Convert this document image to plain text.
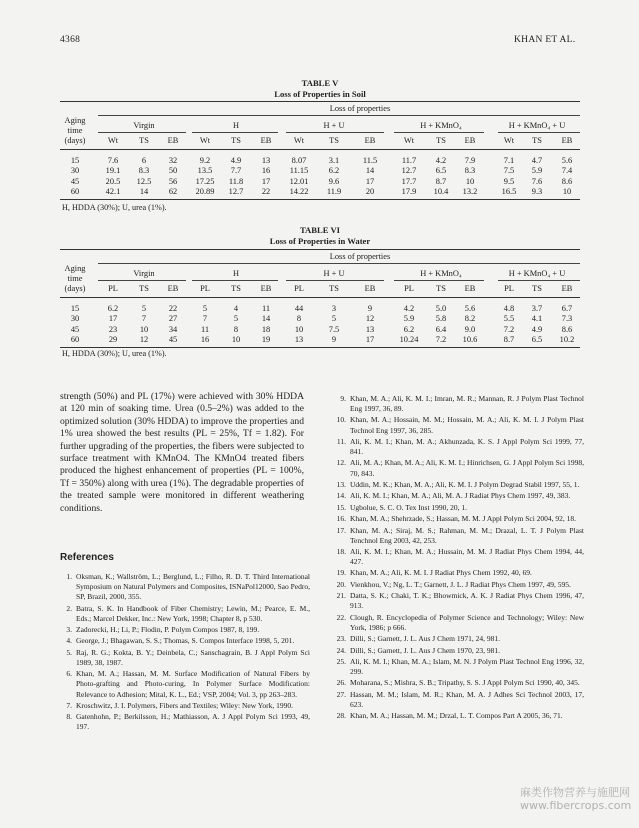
4368	KHAN ET AL.
TABLE V
Loss of Properties in Soil
Loss of properties
Aging
time
(days)
Virgin	H	H + U	H + KMnO₄	H + KMnO₄ + U
Wt TS EB	Wt TS EB	Wt	TS	EB	Wt	TS EB	Wt TS EB
15	7.6	6	32	9.2 4.9 13	8.07	3.1	11.5	11.7 4.2 7.9	7.1 4.7 5.6
30	19.1 8.3 50 13.5 7.7 16 11.15 6.2	14	12.7 6.5 8.3	7.5 5.9 7.4
45	20.5 12.5 56 17.25 11.8 17 12.01 9.6	17	17.7 8.7 10	9.5 7.6 8.6
60	42.1 14 62 20.89 12.7 22 14.22 11.9	20	17.9 10.4 13.2	16.5 9.3 10
H, HDDA (30%); U, urea (1%).
TABLE VI
Loss of Properties in Water
Loss of properties
Aging
time
(days)
Virgin	H	H + U	H + KMnO₄	H + KMnO₄ + U
PL	TS EB	PL	TS EB	PL	TS	EB	PL	TS EB	PL TS EB
15	6.2	5	22	5	4	11	44	3	9	4.2	5.0 5.6	4.8 3.7 6.7
30	17	7	27	7	5	14	8	5	12	5.9	5.8 8.2	5.5 4.1 7.3
45	23	10 34	11	8	18	10	7.5	13	6.2	6.4 9.0	7.2 4.9 8.6
60	29	12 45	16	10	19	13	9	17	10.24 7.2 10.6	8.7 6.5 10.2
H, HDDA (30%); U, urea (1%).
strength (50%) and PL (17%) were achieved with 30% HDDA at 120 min of soaking time. Urea (0.5–2%) was added to the optimized solution (30% HDDA) to improve the properties and 1% urea showed the best results (PL = 25%, Tf = 1.82). For further upgrading of the properties, the fibers were subjected to surface treatment with KMnO4. The KMnO4 treated fibers produced the highest enhancement of properties (PL = 100%, Tf = 350%) along with urea (1%). The degradable properties of the treated sample were monitored in different weathering conditions.
References
1. Oksman, K.; Wallström, L.; Berglund, L.; Filho, R. D. T. Third International Symposium on Natural Polymers and Composites, ISNaPol12000, Sao Pedro, SP, Brazil, 2000, 355.
2. Batra, S. K. In Handbook of Fiber Chemistry; Lewin, M.; Pearce, E. M., Eds.; Marcel Dekker, Inc.: New York, 1998; Chapter 8, p 530.
3. Zadorecki, H.; Li, P.; Flodin, P. Polym Compos 1987, 8, 199.
4. George, J.; Bhagawan, S. S.; Thomas, S. Compos Interface 1998, 5, 201.
5. Raj, R. G.; Kokta, B. Y.; Deinbela, C.; Sanschagrain, B. J Appl Polym Sci 1989, 38, 1987.
6. Khan, M. A.; Hassan, M. M. Surface Modification of Natural Fibers by Photo-grafting and Photo-curing, In Polymer Surface Modification: Relevance to Adhesion; Mital, K. L., Ed.; VSP, 2004; Vol. 3, pp 263–283.
7. Kroschwitz, J. I. Polymers, Fibers and Textiles; Wiley: New York, 1990.
8. Gatenhohn, P.; Berkilsson, H.; Mathiasson, A. J Appl Polym Sci 1993, 49, 197.
9. Khan, M. A.; Ali, K. M. I.; Imran, M. R.; Mannan, R. J Polym Plast Technol Eng 1997, 36, 89.
10. Khan, M. A.; Hossain, M. M.; Hossain, M. A.; Ali, K. M. I. J Polym Plast Technol Eng 1997, 36, 285.
11. Ali, K. M. I.; Khan, M. A.; Akhunzada, K. S. J Appl Polym Sci 1999, 77, 841.
12. Ali, M. A.; Khan, M. A.; Ali, K. M. I.; Hinrichsen, G. J Appl Polym Sci 1998, 70, 843.
13. Uddin, M. K.; Khan, M. A.; Ali, K. M. I. J Polym Degrad Stabil 1997, 55, 1.
14. Ali, K. M. I.; Khan, M. A.; Ali, M. A. J Radiat Phys Chem 1997, 49, 383.
15. Ugbolue, S. C. O. Tex Inst 1990, 20, 1.
16. Khan, M. A.; Shehrzade, S.; Hassan, M. M. J Appl Polym Sci 2004, 92, 18.
17. Khan, M. A.; Siraj, M. S.; Rahman, M. M.; Drazal, L. T. J Polym Plast Tenchnol Eng 2003, 42, 253.
18. Ali, K. M. I.; Khan, M. A.; Hussain, M. M. J Radiat Phys Chem 1994, 44, 427.
19. Khan, M. A.; Ali, K. M. I. J Radiat Phys Chem 1992, 40, 69.
20. Vienkhou, V.; Ng, L. T.; Garnett, J. L. J Radiat Phys Chem 1997, 49, 595.
21. Datta, S. K.; Chaki, T. K.; Bhowmick, A. K. J Radiat Phys Chem 1996, 47, 913.
22. Clough, R. Encyclopedia of Polymer Science and Technology; Wiley: New York, 1986; p 666.
23. Dilli, S.; Garnett, J. L. Aus J Chem 1971, 24, 981.
24. Dilli, S.; Garnett, J. L. Aus J Chem 1970, 23, 981.
25. Ali, K. M. I.; Khan, M. A.; Islam, M. N. J Polym Plast Technol Eng 1996, 32, 299.
26. Moharana, S.; Mishra, S. B.; Tripathy, S. S. J Appl Polym Sci 1990, 40, 345.
27. Hassan, M. M.; Islam, M. R.; Khan, M. A. J Adhes Sci Technol 2003, 17, 623.
28. Khan, M. A.; Hassan, M. M.; Drzal, L. T. Compos Part A 2005, 36, 71.
麻类作物营养与施肥网
www.fibercrops.com
